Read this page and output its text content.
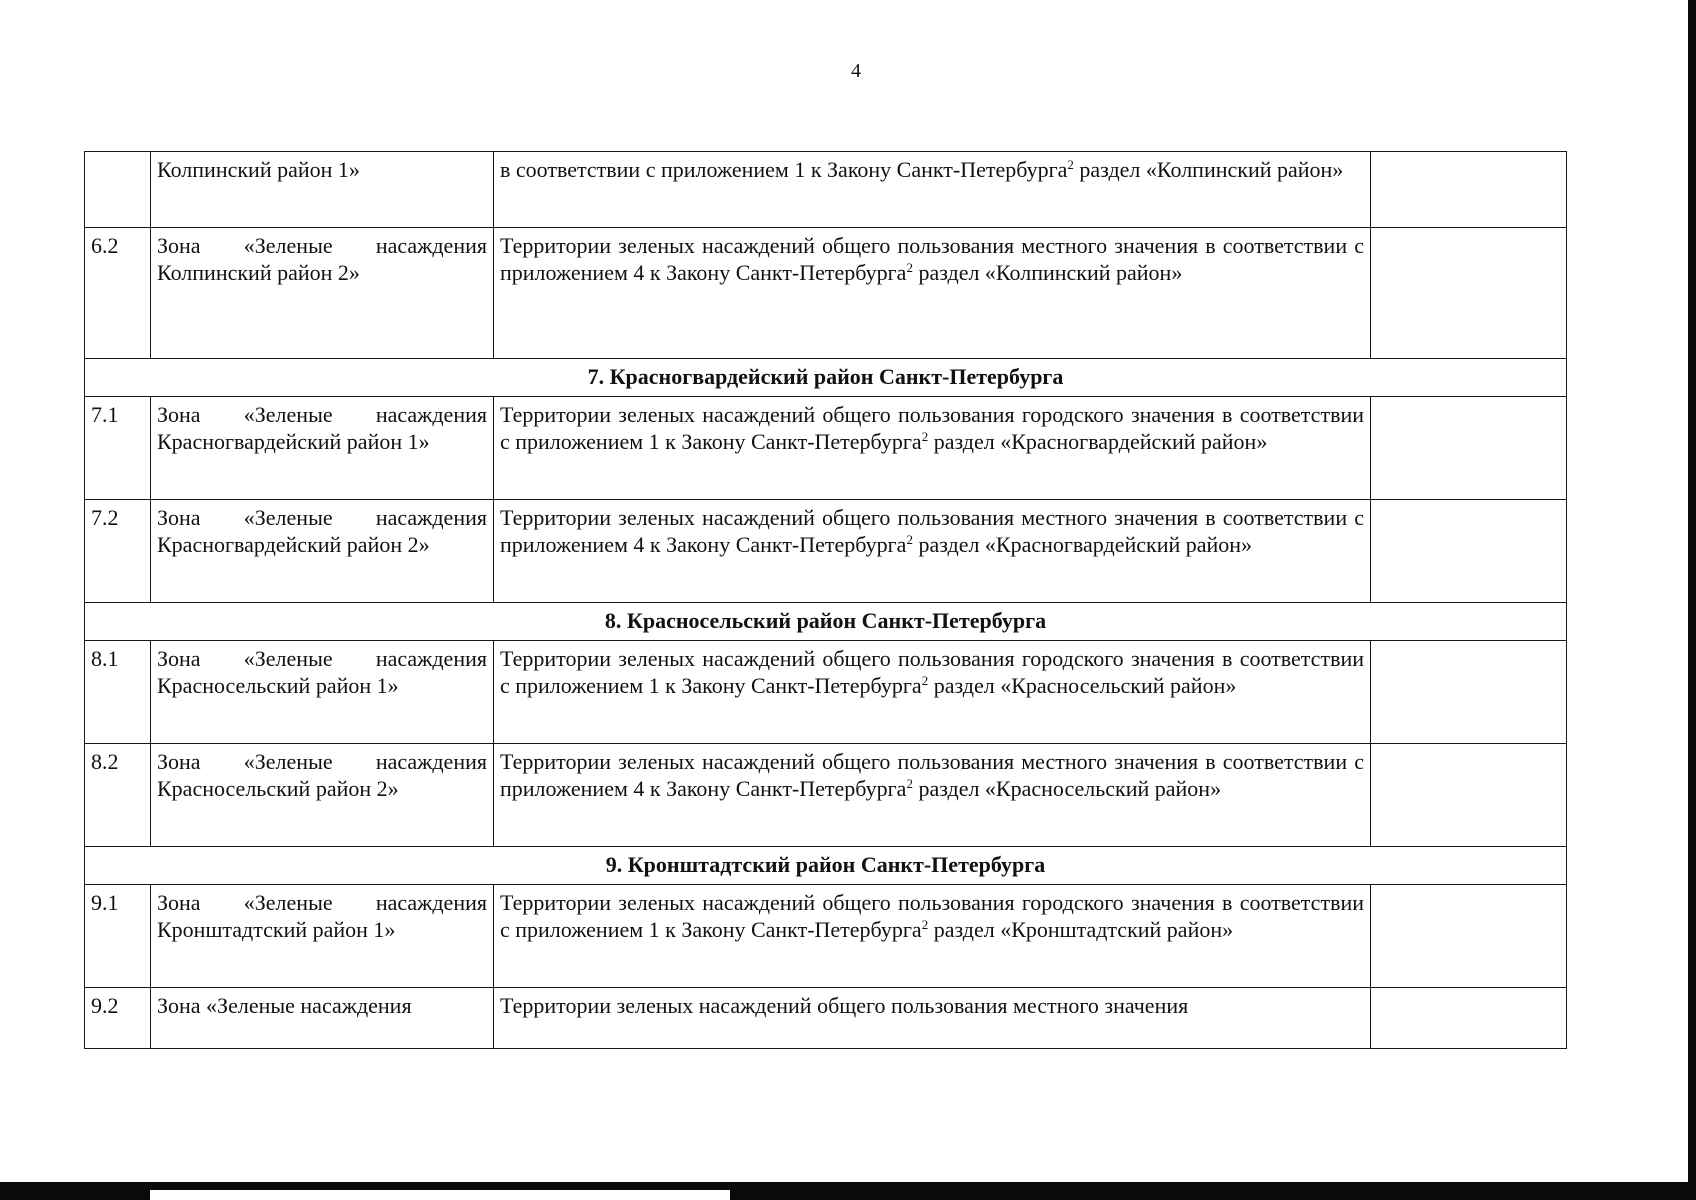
4
	Колпинский район 1»	в соответствии с приложением 1 к Закону Санкт-Петербурга$^2$ раздел «Колпинский район»	
6.2	Зона «Зеленые насаждения Колпинский район 2»	Территории зеленых насаждений общего пользования местного значения в соответствии с приложением 4 к Закону Санкт-Петербурга$^2$ раздел «Колпинский район»	
7. Красногвардейский район Санкт-Петербурга			
7.1	Зона «Зеленые насаждения Красногвардейский район 1»	Территории зеленых насаждений общего пользования городского значения в соответствии с приложением 1 к Закону Санкт-Петербурга$^2$ раздел «Красногвардейский район»	
7.2	Зона «Зеленые насаждения Красногвардейский район 2»	Территории зеленых насаждений общего пользования местного значения в соответствии с приложением 4 к Закону Санкт-Петербурга$^2$ раздел «Красногвардейский район»	
8. Красносельский район Санкт-Петербурга			
8.1	Зона «Зеленые насаждения Красносельский район 1»	Территории зеленых насаждений общего пользования городского значения в соответствии с приложением 1 к Закону Санкт-Петербурга$^2$ раздел «Красносельский район»	
8.2	Зона «Зеленые насаждения Красносельский район 2»	Территории зеленых насаждений общего пользования местного значения в соответствии с приложением 4 к Закону Санкт-Петербурга$^2$ раздел «Красносельский район»	
9. Кронштадтский район Санкт-Петербурга			
9.1	Зона «Зеленые насаждения Кронштадтский район 1»	Территории зеленых насаждений общего пользования городского значения в соответствии с приложением 1 к Закону Санкт-Петербурга$^2$ раздел «Кронштадтский район»	
9.2	Зона «Зеленые насаждения	Территории зеленых насаждений общего пользования местного значения	
